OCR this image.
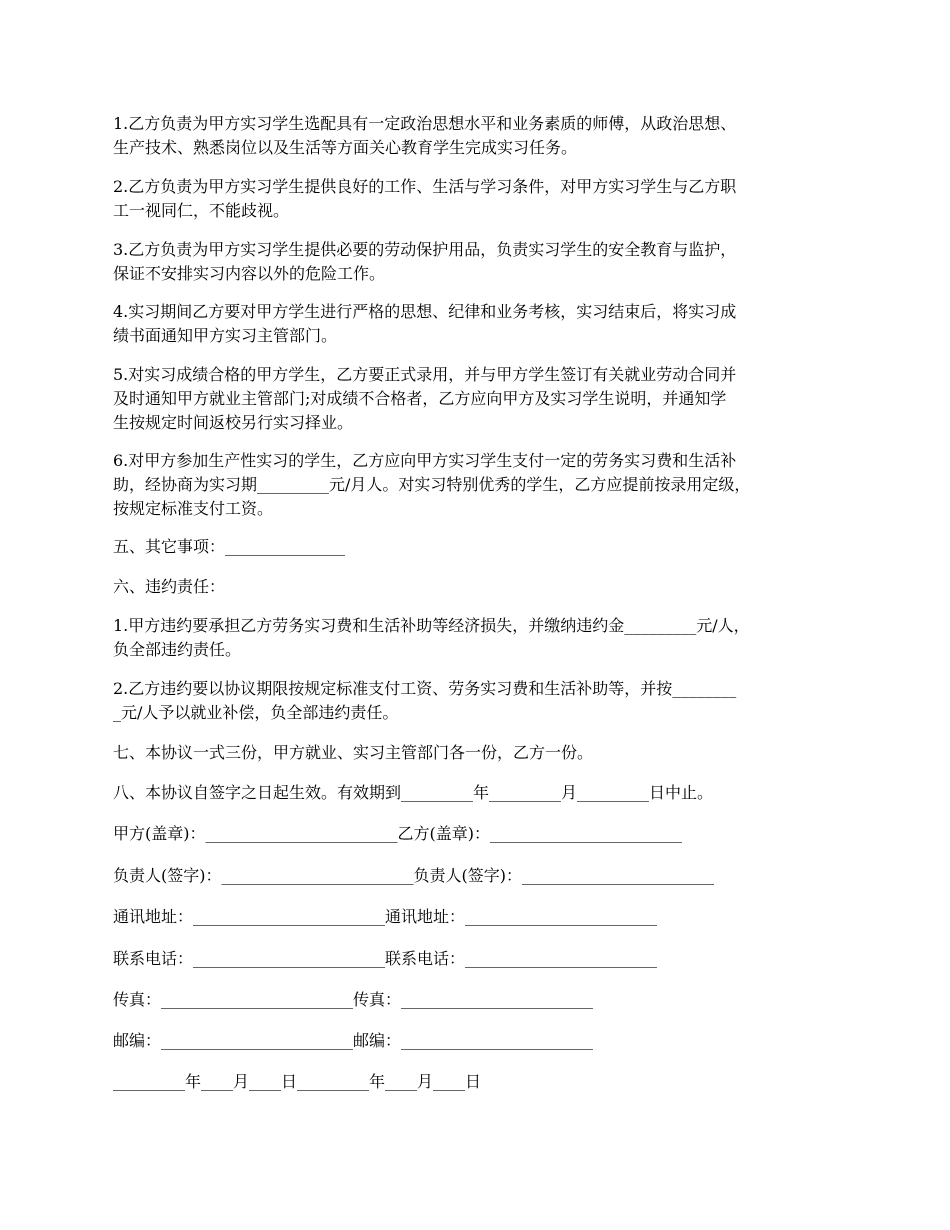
1.乙方负责为甲方实习学生选配具有一定政治思想水平和业务素质的师傅，从政治思想、
生产技术、熟悉岗位以及生活等方面关心教育学生完成实习任务。

2.乙方负责为甲方实习学生提供良好的工作、生活与学习条件，对甲方实习学生与乙方职
工一视同仁，不能歧视。

3.乙方负责为甲方实习学生提供必要的劳动保护用品，负责实习学生的安全教育与监护，
保证不安排实习内容以外的危险工作。

4.实习期间乙方要对甲方学生进行严格的思想、纪律和业务考核，实习结束后，将实习成
绩书面通知甲方实习主管部门。

5.对实习成绩合格的甲方学生，乙方要正式录用，并与甲方学生签订有关就业劳动合同并
及时通知甲方就业主管部门;对成绩不合格者，乙方应向甲方及实习学生说明，并通知学
生按规定时间返校另行实习择业。

6.对甲方参加生产性实习的学生，乙方应向甲方实习学生支付一定的劳务实习费和生活补
助，经协商为实习期_________元/月人。对实习特别优秀的学生，乙方应提前按录用定级，
按规定标准支付工资。

五、其它事项：_______________

六、违约责任：

1.甲方违约要承担乙方劳务实习费和生活补助等经济损失，并缴纳违约金_________元/人，
负全部违约责任。

2.乙方违约要以协议期限按规定标准支付工资、劳务实习费和生活补助等，并按________
_元/人予以就业补偿，负全部违约责任。

七、本协议一式三份，甲方就业、实习主管部门各一份，乙方一份。

八、本协议自签字之日起生效。有效期到_________年_________月_________日中止。

甲方(盖章)：________________________乙方(盖章)：________________________

负责人(签字)：________________________负责人(签字)：________________________

通讯地址：________________________通讯地址：________________________

联系电话：________________________联系电话：________________________

传真：________________________传真：________________________

邮编：________________________邮编：________________________

_________年____月____日_________年____月____日
